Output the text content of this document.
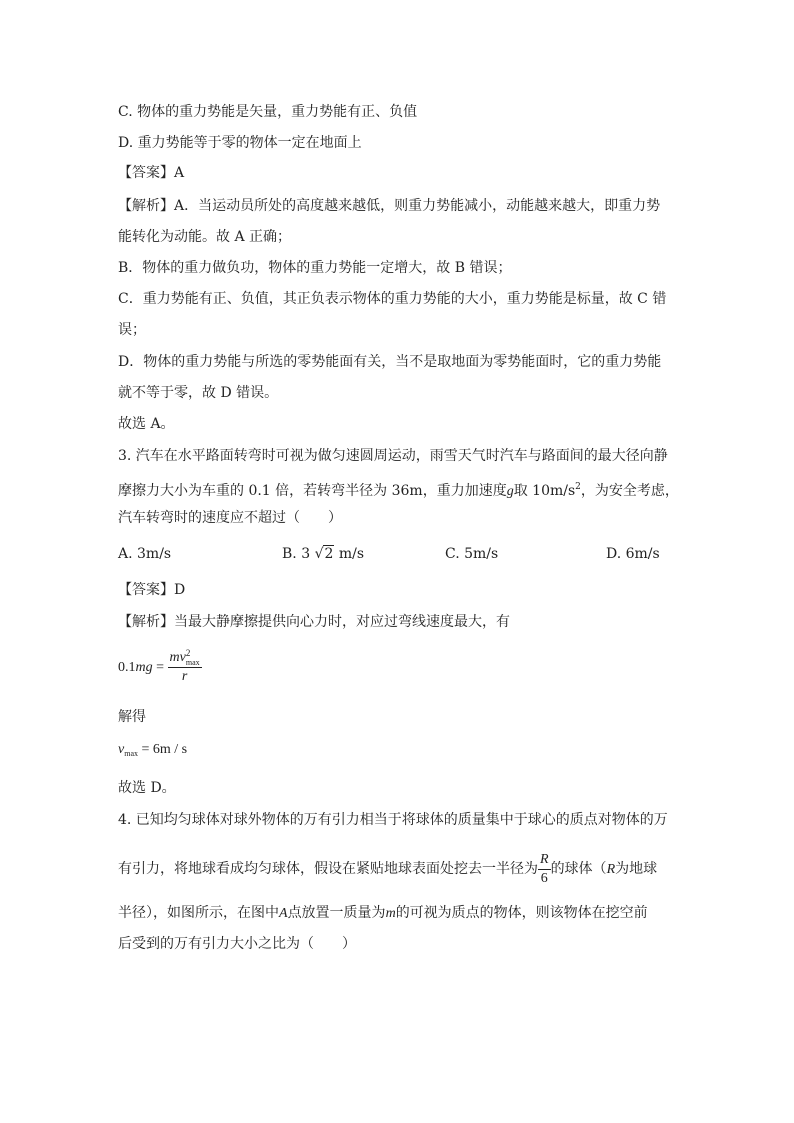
C. 物体的重力势能是矢量，重力势能有正、负值
D. 重力势能等于零的物体一定在地面上
【答案】A
【解析】A．当运动员所处的高度越来越低，则重力势能减小，动能越来越大，即重力势
能转化为动能。故 A 正确；
B．物体的重力做负功，物体的重力势能一定增大，故 B 错误；
C．重力势能有正、负值，其正负表示物体的重力势能的大小，重力势能是标量，故 C 错
误；
D．物体的重力势能与所选的零势能面有关，当不是取地面为零势能面时，它的重力势能
就不等于零，故 D 错误。
故选 A。
3. 汽车在水平路面转弯时可视为做匀速圆周运动，雨雪天气时汽车与路面间的最大径向静
摩擦力大小为车重的 0.1 倍，若转弯半径为 36m，重力加速度g取 $10m/s^2$，为安全考虑，
汽车转弯时的速度应不超过（　　）
A. 3m/s	B. 3 √2 m/s	C. 5m/s	D. 6m/s
【答案】D
【解析】当最大静摩擦提供向心力时，对应过弯线速度最大，有
0.1mg = mv 2
max
r
解得
$v_{max} = 6m / s$
故选 D。
4. 已知均匀球体对球外物体的万有引力相当于将球体的质量集中于球心的质点对物体的万
有引力，将地球看成均匀球体，假设在紧贴地球表面处挖去一半径为 $\frac{R}{6}$ 的球体（R为地球
半径），如图所示，在图中A点放置一质量为m的可视为质点的物体，则该物体在挖空前
后受到的万有引力大小之比为（　　）
